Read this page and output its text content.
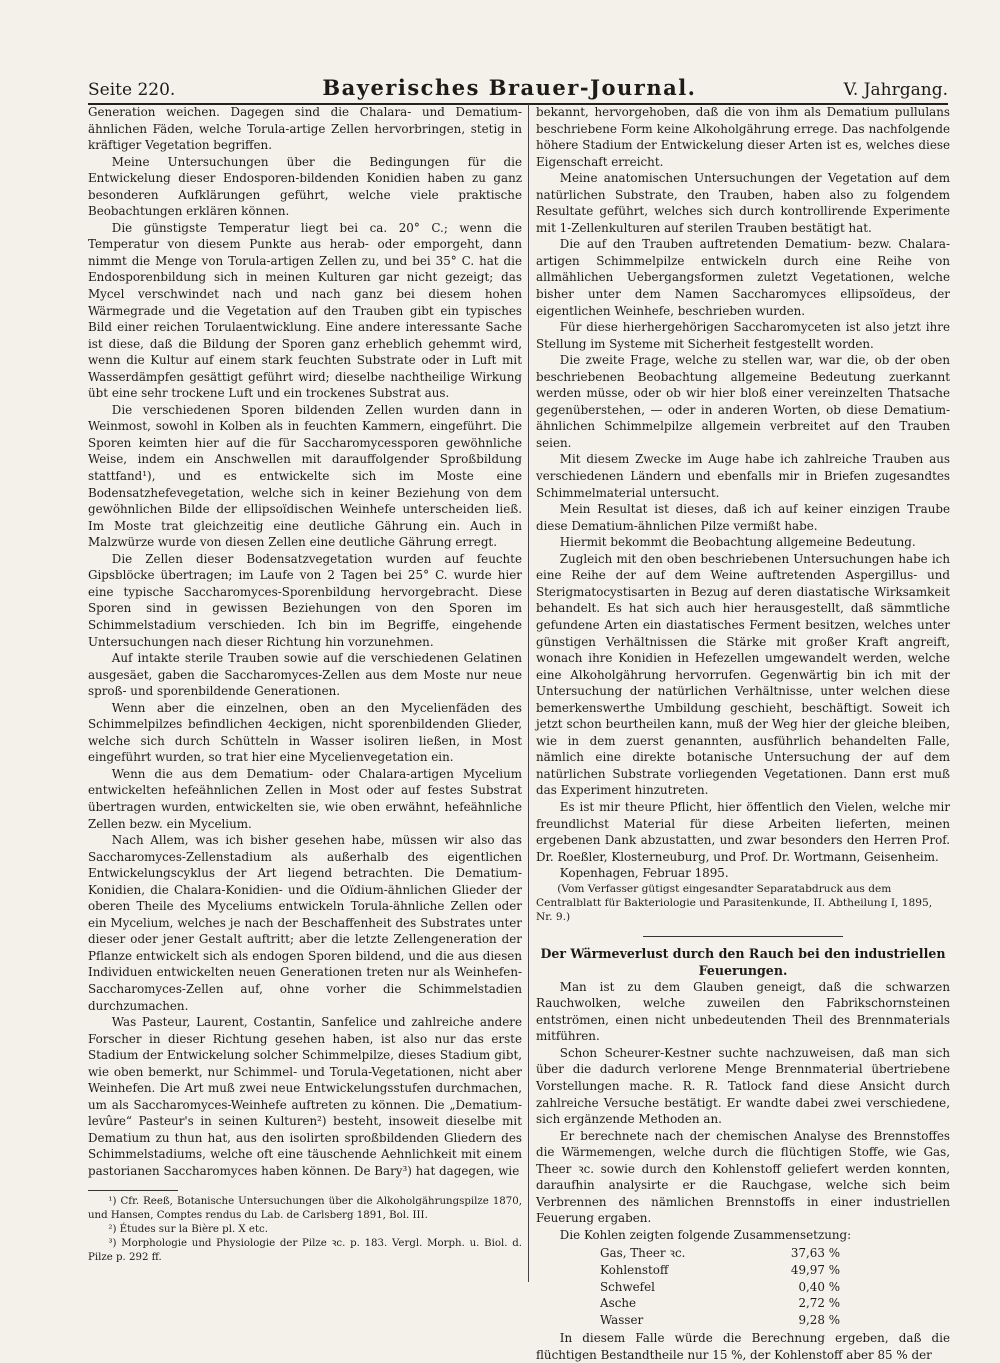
Seite 220.	Bayerisches Brauer-Journal.	V. Jahrgang.

Generation weichen. Dagegen sind die Chalara- und Dematium-ähnlichen Fäden, welche Torula-artige Zellen hervorbringen, stetig in kräftiger Vegetation begriffen.

Meine Untersuchungen über die Bedingungen für die Entwickelung dieser Endosporen-bildenden Konidien haben zu ganz besonderen Aufklärungen geführt, welche viele praktische Beobachtungen erklären können.

Die günstigste Temperatur liegt bei ca. 20° C.; wenn die Temperatur von diesem Punkte aus herab- oder emporgeht, dann nimmt die Menge von Torula-artigen Zellen zu, und bei 35° C. hat die Endosporenbildung sich in meinen Kulturen gar nicht gezeigt; das Mycel verschwindet nach und nach ganz bei diesem hohen Wärmegrade und die Vegetation auf den Trauben gibt ein typisches Bild einer reichen Torulaentwicklung. Eine andere interessante Sache ist diese, daß die Bildung der Sporen ganz erheblich gehemmt wird, wenn die Kultur auf einem stark feuchten Substrate oder in Luft mit Wasserdämpfen gesättigt geführt wird; dieselbe nachtheilige Wirkung übt eine sehr trockene Luft und ein trockenes Substrat aus.

Die verschiedenen Sporen bildenden Zellen wurden dann in Weinmost, sowohl in Kolben als in feuchten Kammern, eingeführt. Die Sporen keimten hier auf die für Saccharomycessporen gewöhnliche Weise, indem ein Anschwellen mit darauffolgender Sproßbildung stattfand¹), und es entwickelte sich im Moste eine Bodensatzhefevegetation, welche sich in keiner Beziehung von dem gewöhnlichen Bilde der ellipsoïdischen Weinhefe unterscheiden ließ. Im Moste trat gleichzeitig eine deutliche Gährung ein. Auch in Malzwürze wurde von diesen Zellen eine deutliche Gährung erregt.

Die Zellen dieser Bodensatzvegetation wurden auf feuchte Gipsblöcke übertragen; im Laufe von 2 Tagen bei 25° C. wurde hier eine typische Saccharomyces-Sporenbildung hervorgebracht. Diese Sporen sind in gewissen Beziehungen von den Sporen im Schimmelstadium verschieden. Ich bin im Begriffe, eingehende Untersuchungen nach dieser Richtung hin vorzunehmen.

Auf intakte sterile Trauben sowie auf die verschiedenen Gelatinen ausgesäet, gaben die Saccharomyces-Zellen aus dem Moste nur neue sproß- und sporenbildende Generationen.

Wenn aber die einzelnen, oben an den Mycelienfäden des Schimmelpilzes befindlichen 4eckigen, nicht sporenbildenden Glieder, welche sich durch Schütteln in Wasser isoliren ließen, in Most eingeführt wurden, so trat hier eine Mycelienvegetation ein.

Wenn die aus dem Dematium- oder Chalara-artigen Mycelium entwickelten hefeähnlichen Zellen in Most oder auf festes Substrat übertragen wurden, entwickelten sie, wie oben erwähnt, hefeähnliche Zellen bezw. ein Mycelium.

Nach Allem, was ich bisher gesehen habe, müssen wir also das Saccharomyces-Zellenstadium als außerhalb des eigentlichen Entwickelungscyklus der Art liegend betrachten. Die Dematium-Konidien, die Chalara-Konidien- und die Oïdium-ähnlichen Glieder der oberen Theile des Myceliums entwickeln Torula-ähnliche Zellen oder ein Mycelium, welches je nach der Beschaffenheit des Substrates unter dieser oder jener Gestalt auftritt; aber die letzte Zellengeneration der Pflanze entwickelt sich als endogen Sporen bildend, und die aus diesen Individuen entwickelten neuen Generationen treten nur als Weinhefen-Saccharomyces-Zellen auf, ohne vorher die Schimmelstadien durchzumachen.

Was Pasteur, Laurent, Costantin, Sanfelice und zahlreiche andere Forscher in dieser Richtung gesehen haben, ist also nur das erste Stadium der Entwickelung solcher Schimmelpilze, dieses Stadium gibt, wie oben bemerkt, nur Schimmel- und Torula-Vegetationen, nicht aber Weinhefen. Die Art muß zwei neue Entwickelungsstufen durchmachen, um als Saccharomyces-Weinhefe auftreten zu können. Die „Dematium-levûre“ Pasteur's in seinen Kulturen²) besteht, insoweit dieselbe mit Dematium zu thun hat, aus den isolirten sproßbildenden Gliedern des Schimmelstadiums, welche oft eine täuschende Aehnlichkeit mit einem pastorianen Saccharomyces haben können. De Bary³) hat dagegen, wie

¹) Cfr. Reeß, Botanische Untersuchungen über die Alkoholgährungspilze 1870, und Hansen, Comptes rendus du Lab. de Carlsberg 1891, Bol. III.

²) Études sur la Bière pl. X etc.

³) Morphologie und Physiologie der Pilze ꝛc. p. 183. Vergl. Morph. u. Biol. d. Pilze p. 292 ff.

bekannt, hervorgehoben, daß die von ihm als Dematium pullulans beschriebene Form keine Alkoholgährung errege. Das nachfolgende höhere Stadium der Entwickelung dieser Arten ist es, welches diese Eigenschaft erreicht.

Meine anatomischen Untersuchungen der Vegetation auf dem natürlichen Substrate, den Trauben, haben also zu folgendem Resultate geführt, welches sich durch kontrollirende Experimente mit 1-Zellenkulturen auf sterilen Trauben bestätigt hat.

Die auf den Trauben auftretenden Dematium- bezw. Chalara-artigen Schimmelpilze entwickeln durch eine Reihe von allmählichen Uebergangsformen zuletzt Vegetationen, welche bisher unter dem Namen Saccharomyces ellipsoïdeus, der eigentlichen Weinhefe, beschrieben wurden.

Für diese hierhergehörigen Saccharomyceten ist also jetzt ihre Stellung im Systeme mit Sicherheit festgestellt worden.

Die zweite Frage, welche zu stellen war, war die, ob der oben beschriebenen Beobachtung allgemeine Bedeutung zuerkannt werden müsse, oder ob wir hier bloß einer vereinzelten Thatsache gegenüberstehen, — oder in anderen Worten, ob diese Dematium-ähnlichen Schimmelpilze allgemein verbreitet auf den Trauben seien.

Mit diesem Zwecke im Auge habe ich zahlreiche Trauben aus verschiedenen Ländern und ebenfalls mir in Briefen zugesandtes Schimmelmaterial untersucht.

Mein Resultat ist dieses, daß ich auf keiner einzigen Traube diese Dematium-ähnlichen Pilze vermißt habe.

Hiermit bekommt die Beobachtung allgemeine Bedeutung.

Zugleich mit den oben beschriebenen Untersuchungen habe ich eine Reihe der auf dem Weine auftretenden Aspergillus- und Sterigmatocystisarten in Bezug auf deren diastatische Wirksamkeit behandelt. Es hat sich auch hier herausgestellt, daß sämmtliche gefundene Arten ein diastatisches Ferment besitzen, welches unter günstigen Verhältnissen die Stärke mit großer Kraft angreift, wonach ihre Konidien in Hefezellen umgewandelt werden, welche eine Alkoholgährung hervorrufen. Gegenwärtig bin ich mit der Untersuchung der natürlichen Verhältnisse, unter welchen diese bemerkenswerthe Umbildung geschieht, beschäftigt. Soweit ich jetzt schon beurtheilen kann, muß der Weg hier der gleiche bleiben, wie in dem zuerst genannten, ausführlich behandelten Falle, nämlich eine direkte botanische Untersuchung der auf dem natürlichen Substrate vorliegenden Vegetationen. Dann erst muß das Experiment hinzutreten.

Es ist mir theure Pflicht, hier öffentlich den Vielen, welche mir freundlichst Material für diese Arbeiten lieferten, meinen ergebenen Dank abzustatten, und zwar besonders den Herren Prof. Dr. Roeßler, Klosterneuburg, und Prof. Dr. Wortmann, Geisenheim.

Kopenhagen, Februar 1895.

(Vom Verfasser gütigst eingesandter Separatabdruck aus dem Centralblatt für Bakteriologie und Parasitenkunde, II. Abtheilung I, 1895, Nr. 9.)

Der Wärmeverlust durch den Rauch bei den industriellen Feuerungen.

Man ist zu dem Glauben geneigt, daß die schwarzen Rauchwolken, welche zuweilen den Fabrikschornsteinen entströmen, einen nicht unbedeutenden Theil des Brennmaterials mitführen.

Schon Scheurer-Kestner suchte nachzuweisen, daß man sich über die dadurch verlorene Menge Brennmaterial übertriebene Vorstellungen mache. R. R. Tatlock fand diese Ansicht durch zahlreiche Versuche bestätigt. Er wandte dabei zwei verschiedene, sich ergänzende Methoden an.

Er berechnete nach der chemischen Analyse des Brennstoffes die Wärmemengen, welche durch die flüchtigen Stoffe, wie Gas, Theer ꝛc. sowie durch den Kohlenstoff geliefert werden konnten, daraufhin analysirte er die Rauchgase, welche sich beim Verbrennen des nämlichen Brennstoffs in einer industriellen Feuerung ergaben.

Die Kohlen zeigten folgende Zusammensetzung:

Gas, Theer ꝛc.	37,63 %
Kohlenstoff	49,97 %
Schwefel	0,40 %
Asche	2,72 %
Wasser	9,28 %

In diesem Falle würde die Berechnung ergeben, daß die flüchtigen Bestandtheile nur 15 %, der Kohlenstoff aber 85 % der
